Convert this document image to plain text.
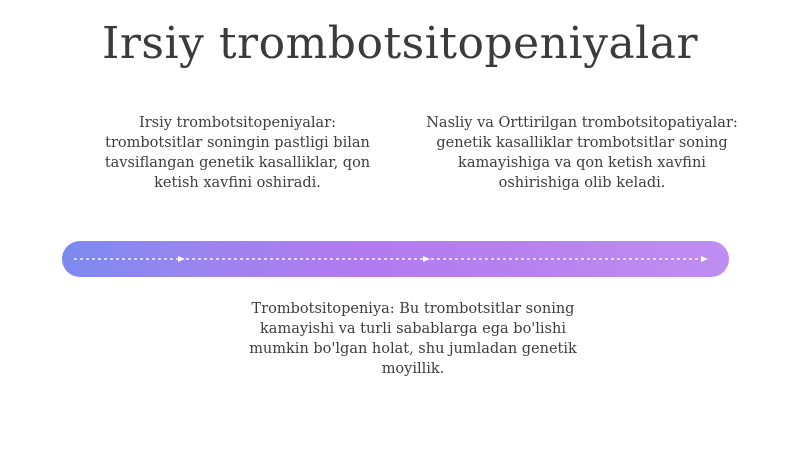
Irsiy trombotsitopeniyalar
Irsiy trombotsitopeniyalar: trombotsitlar soningin pastligi bilan tavsiflangan genetik kasalliklar, qon ketish xavfini oshiradi.
Nasliy va Orttirilgan trombotsitopatiyalar: genetik kasalliklar trombotsitlar soning kamayishiga va qon ketish xavfini oshirishiga olib keladi.
Trombotsitopeniya: Bu trombotsitlar soning kamayishi va turli sabablarga ega bo'lishi mumkin bo'lgan holat, shu jumladan genetik moyillik.
